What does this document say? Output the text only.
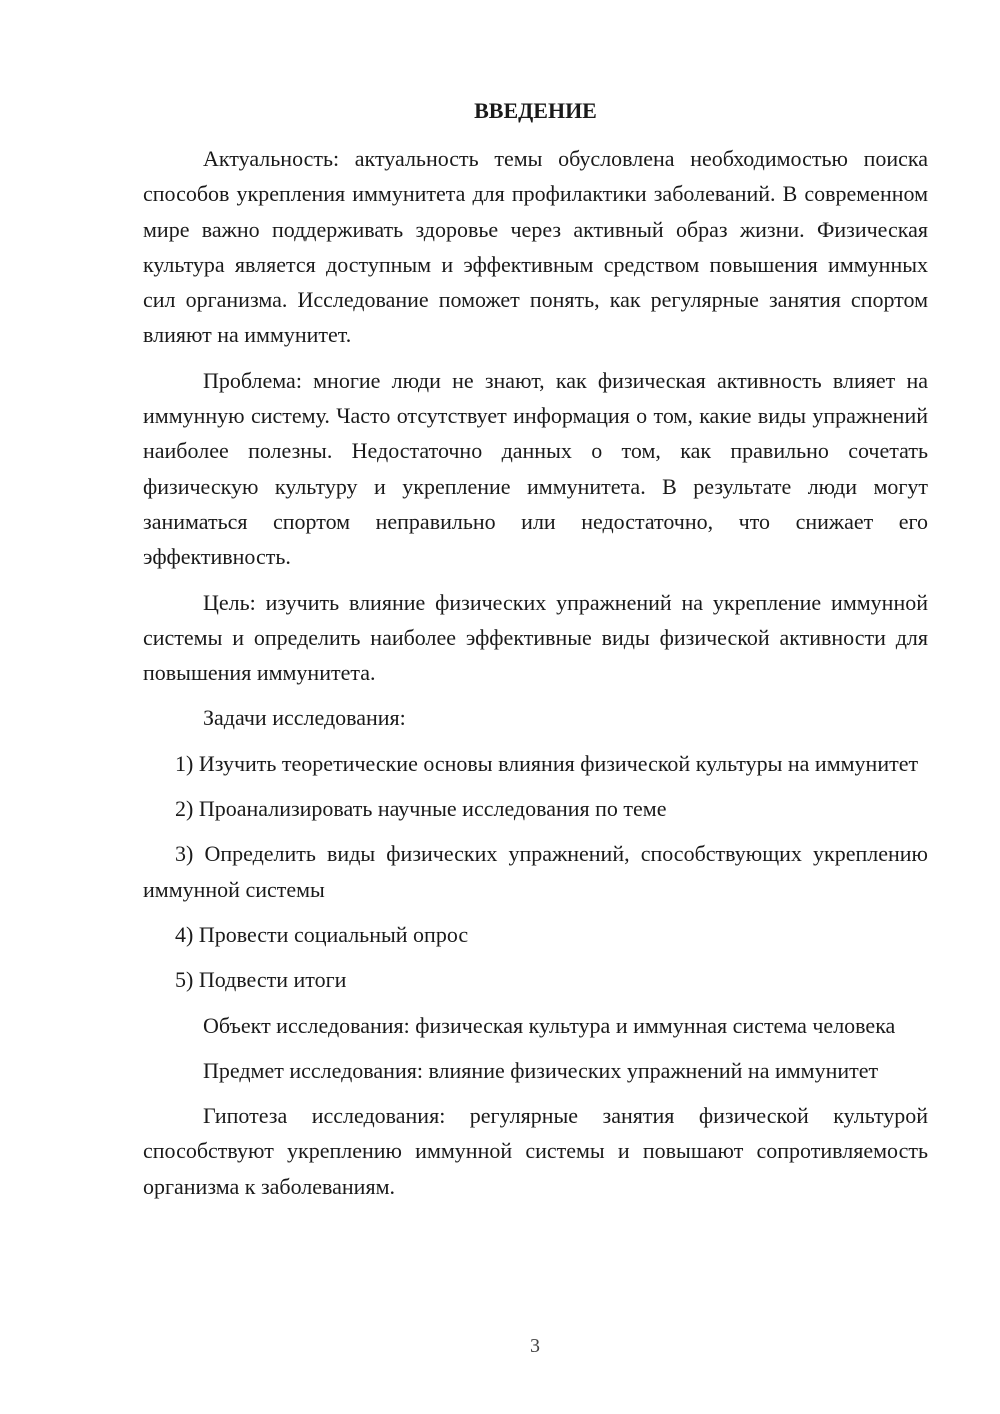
ВВЕДЕНИЕ

Актуальность: актуальность темы обусловлена необходимостью поиска способов укрепления иммунитета для профилактики заболеваний. В современном мире важно поддерживать здоровье через активный образ жизни. Физическая культура является доступным и эффективным средством повышения иммунных сил организма. Исследование поможет понять, как регулярные занятия спортом влияют на иммунитет.

Проблема: многие люди не знают, как физическая активность влияет на иммунную систему. Часто отсутствует информация о том, какие виды упражнений наиболее полезны. Недостаточно данных о том, как правильно сочетать физическую культуру и укрепление иммунитета. В результате люди могут заниматься спортом неправильно или недостаточно, что снижает его эффективность.

Цель: изучить влияние физических упражнений на укрепление иммунной системы и определить наиболее эффективные виды физической активности для повышения иммунитета.

Задачи исследования:

1) Изучить теоретические основы влияния физической культуры на иммунитет

2) Проанализировать научные исследования по теме

3) Определить виды физических упражнений, способствующих укреплению иммунной системы

4) Провести социальный опрос

5) Подвести итоги

Объект исследования: физическая культура и иммунная система человека

Предмет исследования: влияние физических упражнений на иммунитет

Гипотеза исследования: регулярные занятия физической культурой способствуют укреплению иммунной системы и повышают сопротивляемость организма к заболеваниям.

3
